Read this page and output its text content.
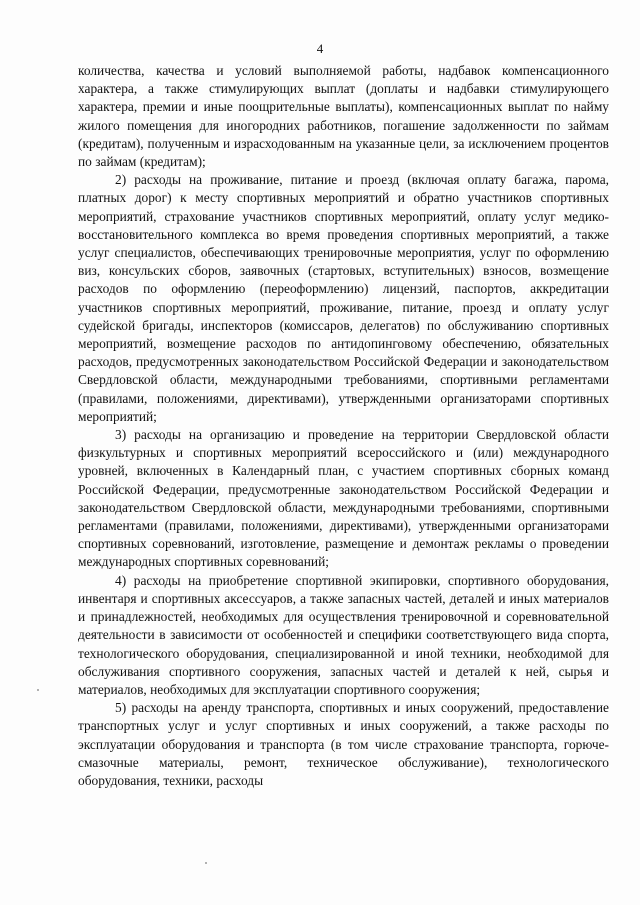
4

количества, качества и условий выполняемой работы, надбавок компенсационного характера, а также стимулирующих выплат (доплаты и надбавки стимулирующего характера, премии и иные поощрительные выплаты), компенсационных выплат по найму жилого помещения для иногородних работников, погашение задолженности по займам (кредитам), полученным и израсходованным на указанные цели, за исключением процентов по займам (кредитам);

2) расходы на проживание, питание и проезд (включая оплату багажа, парома, платных дорог) к месту спортивных мероприятий и обратно участников спортивных мероприятий, страхование участников спортивных мероприятий, оплату услуг медико-восстановительного комплекса во время проведения спортивных мероприятий, а также услуг специалистов, обеспечивающих тренировочные мероприятия, услуг по оформлению виз, консульских сборов, заявочных (стартовых, вступительных) взносов, возмещение расходов по оформлению (переоформлению) лицензий, паспортов, аккредитации участников спортивных мероприятий, проживание, питание, проезд и оплату услуг судейской бригады, инспекторов (комиссаров, делегатов) по обслуживанию спортивных мероприятий, возмещение расходов по антидопинговому обеспечению, обязательных расходов, предусмотренных законодательством Российской Федерации и законодательством Свердловской области, международными требованиями, спортивными регламентами (правилами, положениями, директивами), утвержденными организаторами спортивных мероприятий;

3) расходы на организацию и проведение на территории Свердловской области физкультурных и спортивных мероприятий всероссийского и (или) международного уровней, включенных в Календарный план, с участием спортивных сборных команд Российской Федерации, предусмотренные законодательством Российской Федерации и законодательством Свердловской области, международными требованиями, спортивными регламентами (правилами, положениями, директивами), утвержденными организаторами спортивных соревнований, изготовление, размещение и демонтаж рекламы о проведении международных спортивных соревнований;

4) расходы на приобретение спортивной экипировки, спортивного оборудования, инвентаря и спортивных аксессуаров, а также запасных частей, деталей и иных материалов и принадлежностей, необходимых для осуществления тренировочной и соревновательной деятельности в зависимости от особенностей и специфики соответствующего вида спорта, технологического оборудования, специализированной и иной техники, необходимой для обслуживания спортивного сооружения, запасных частей и деталей к ней, сырья и материалов, необходимых для эксплуатации спортивного сооружения;

5) расходы на аренду транспорта, спортивных и иных сооружений, предоставление транспортных услуг и услуг спортивных и иных сооружений, а также расходы по эксплуатации оборудования и транспорта (в том числе страхование транспорта, горюче-смазочные материалы, ремонт, техническое обслуживание), технологического оборудования, техники, расходы
